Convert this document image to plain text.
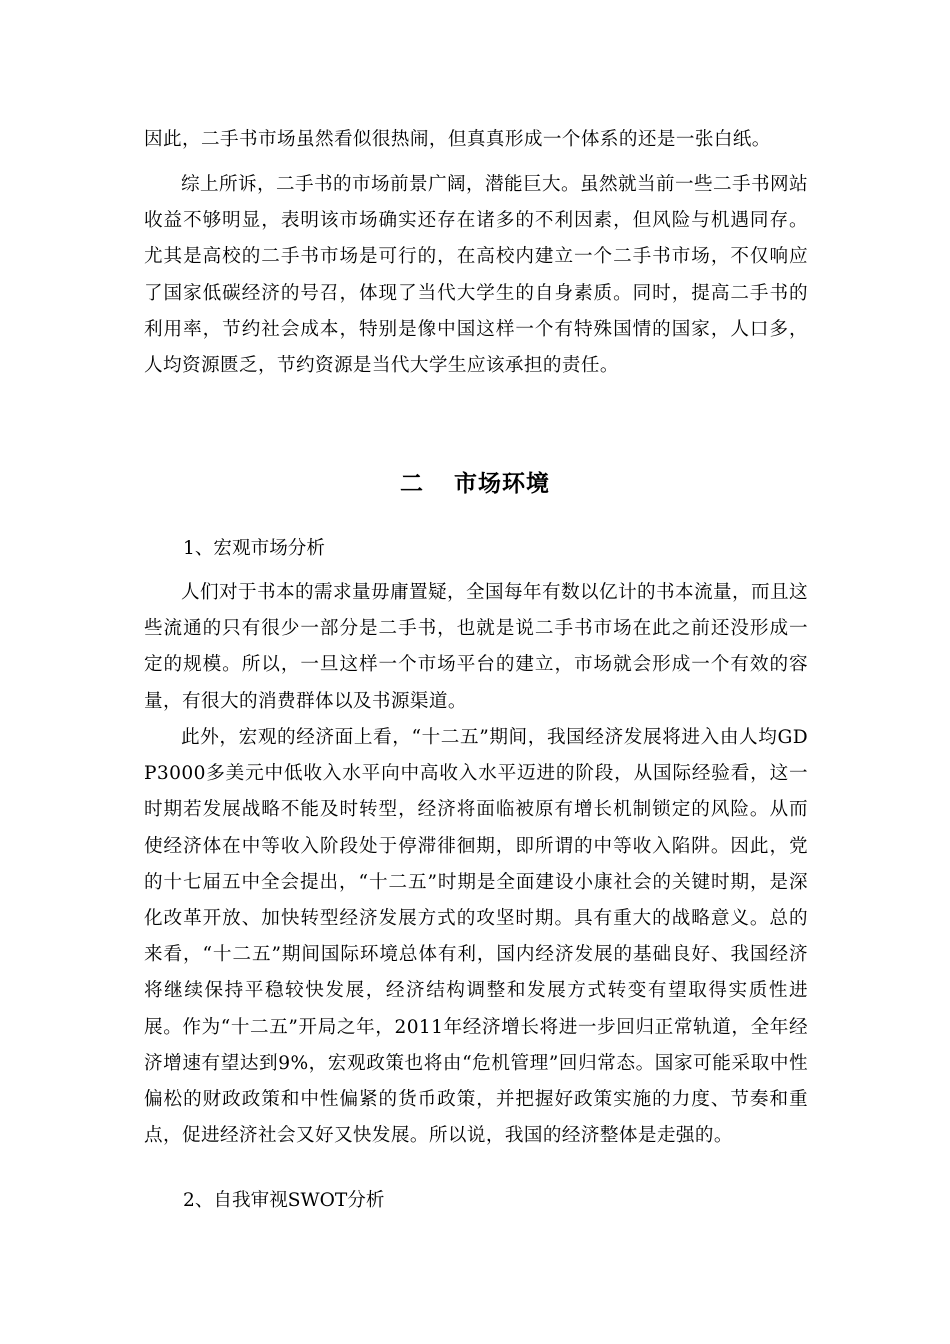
因此，二手书市场虽然看似很热闹，但真真形成一个体系的还是一张白纸。
综上所诉，二手书的市场前景广阔，潜能巨大。虽然就当前一些二手书网站收益不够明显，表明该市场确实还存在诸多的不利因素，但风险与机遇同存。尤其是高校的二手书市场是可行的，在高校内建立一个二手书市场，不仅响应了国家低碳经济的号召，体现了当代大学生的自身素质。同时，提高二手书的利用率，节约社会成本，特别是像中国这样一个有特殊国情的国家，人口多，人均资源匮乏，节约资源是当代大学生应该承担的责任。
二 市场环境
1、宏观市场分析
人们对于书本的需求量毋庸置疑，全国每年有数以亿计的书本流量，而且这些流通的只有很少一部分是二手书，也就是说二手书市场在此之前还没形成一定的规模。所以，一旦这样一个市场平台的建立，市场就会形成一个有效的容量，有很大的消费群体以及书源渠道。
此外，宏观的经济面上看，“十二五”期间，我国经济发展将进入由人均GDP3000多美元中低收入水平向中高收入水平迈进的阶段，从国际经验看，这一时期若发展战略不能及时转型，经济将面临被原有增长机制锁定的风险。从而使经济体在中等收入阶段处于停滞徘徊期，即所谓的中等收入陷阱。因此，党的十七届五中全会提出，“十二五”时期是全面建设小康社会的关键时期，是深化改革开放、加快转型经济发展方式的攻坚时期。具有重大的战略意义。总的来看，“十二五”期间国际环境总体有利，国内经济发展的基础良好、我国经济将继续保持平稳较快发展，经济结构调整和发展方式转变有望取得实质性进展。作为“十二五”开局之年，2011年经济增长将进一步回归正常轨道，全年经济增速有望达到9%，宏观政策也将由“危机管理”回归常态。国家可能采取中性偏松的财政政策和中性偏紧的货币政策，并把握好政策实施的力度、节奏和重点，促进经济社会又好又快发展。所以说，我国的经济整体是走强的。
2、自我审视SWOT分析
